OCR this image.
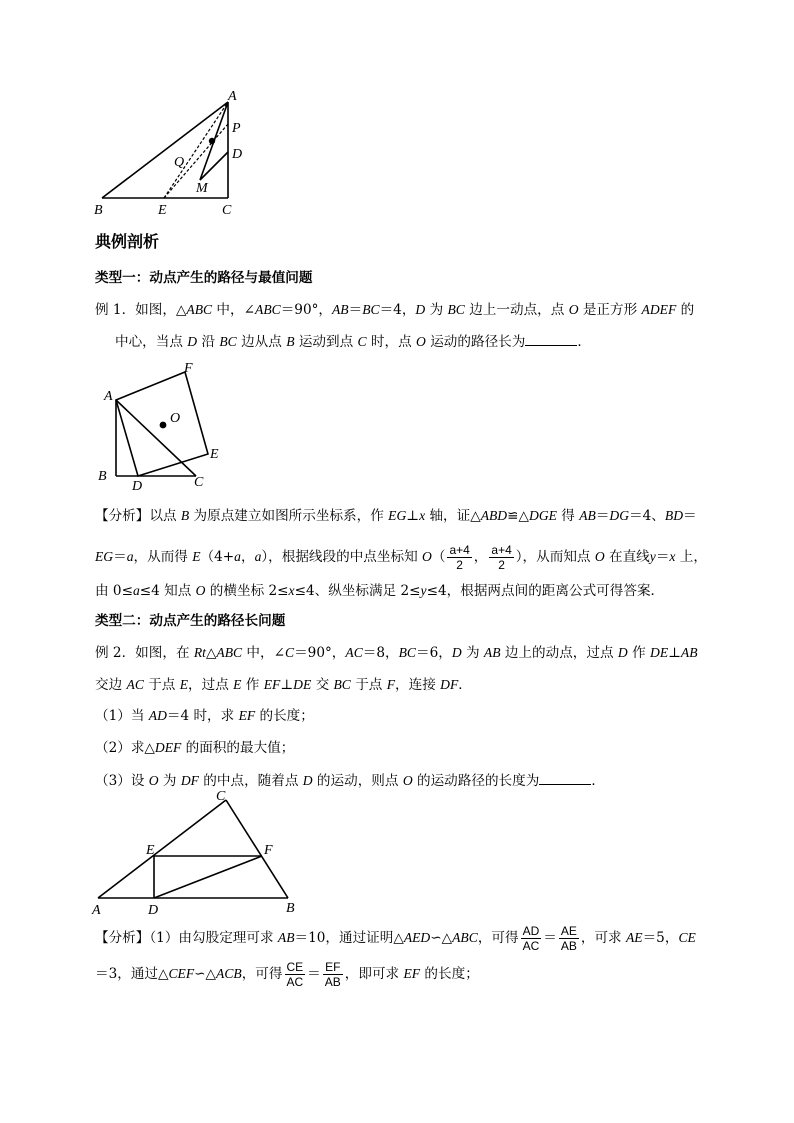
A
P
D
Q
M
B	E	C
典例剖析
类型一：动点产生的路径与最值问题
例 1．如图，△ABC 中，∠ABC＝90°，AB＝BC＝4，D 为 BC 边上一动点，点 O 是正方形 ADEF 的
中心，当点 D 沿 BC 边从点 B 运动到点 C 时，点 O 运动的路径长为	．
A
F
O
E
B
D	C
【分析】以点 B 为原点建立如图所示坐标系，作 EG⊥x 轴，证△ABD≌△DGE 得 AB＝DG＝4、BD＝
EG＝a，从而得 E（4+a，a），根据线段的中点坐标知 $O( \frac{a+4}{2}$ ， $\frac{a+4}{2}$ ），从而知点 O 在直线y＝x 上，
由 0≤a≤4 知点 O 的横坐标 2≤x≤4、纵坐标满足 2≤y≤4，根据两点间的距离公式可得答案．
类型二：动点产生的路径长问题
例 2．如图，在 Rt△ABC 中，∠C＝90°，AC＝8，BC＝6，D 为 AB 边上的动点，过点 D 作 DE⊥AB
交边 AC 于点 E，过点 E 作 EF⊥DE 交 BC 于点 F，连接 DF．
（1）当 AD＝4 时，求 EF 的长度；
（2）求△DEF 的面积的最大值；
（3）设 O 为 DF 的中点，随着点 D 的运动，则点 O 的运动路径的长度为	．
C
E	F
A	D	B
【分析】（1）由勾股定理可求 AB＝10，通过证明△AED∽△ABC，可得 $\frac{AD}{AC} = \frac{AE}{AB}$ ，可求 AE＝5，CE
＝3，通过△CEF∽△ACB，可得 $\frac{CE}{AC} = \frac{EF}{AB}$ ，即可求 EF 的长度；
